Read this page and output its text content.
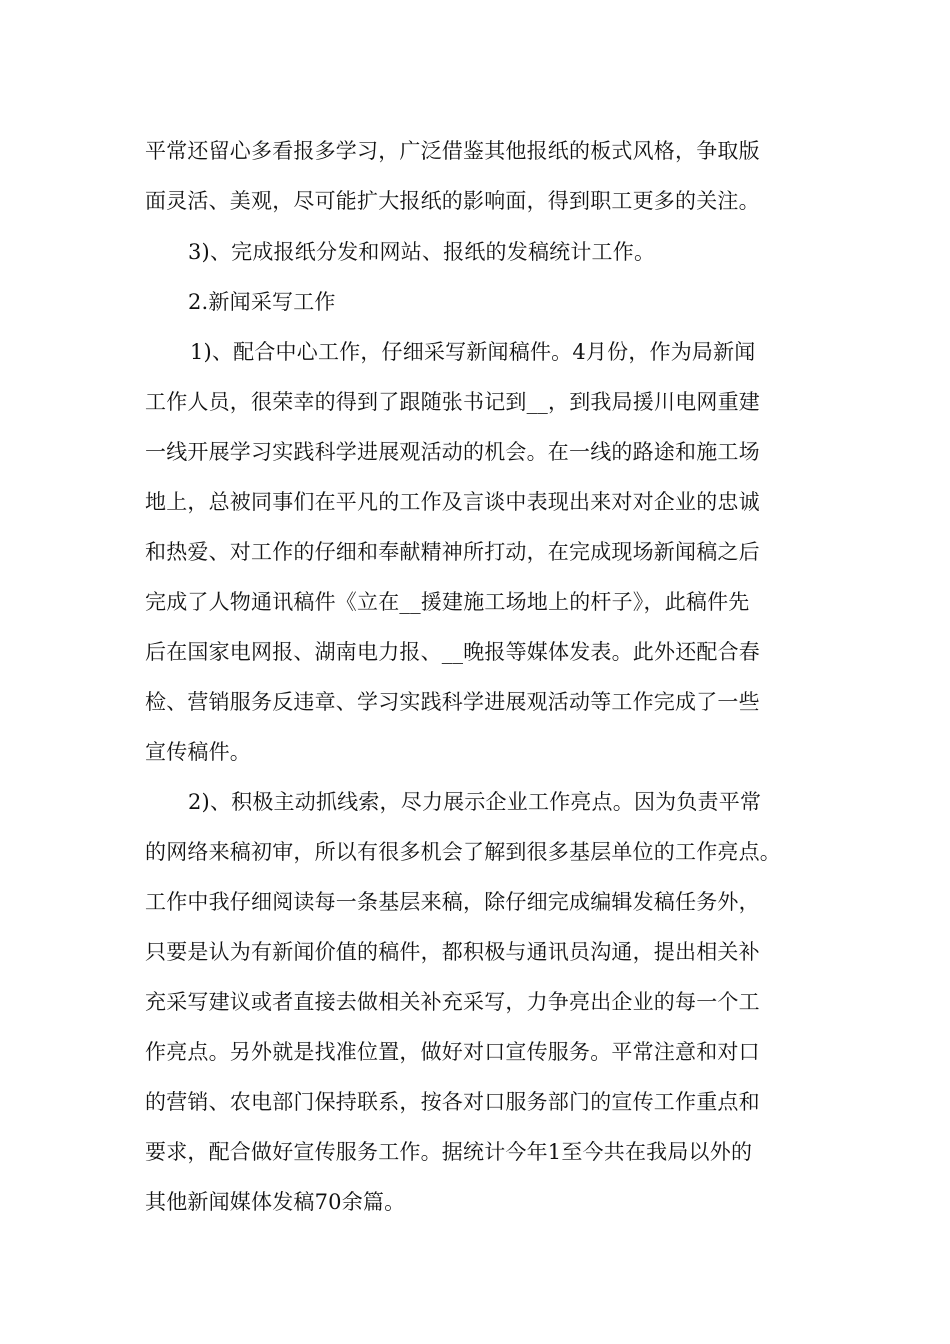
平常还留心多看报多学习，广泛借鉴其他报纸的板式风格，争取版
面灵活、美观，尽可能扩大报纸的影响面，得到职工更多的关注。
3)、完成报纸分发和网站、报纸的发稿统计工作。
2.新闻采写工作
1)、配合中心工作，仔细采写新闻稿件。4月份，作为局新闻
工作人员，很荣幸的得到了跟随张书记到__，到我局援川电网重建
一线开展学习实践科学进展观活动的机会。在一线的路途和施工场
地上，总被同事们在平凡的工作及言谈中表现出来对对企业的忠诚
和热爱、对工作的仔细和奉献精神所打动，在完成现场新闻稿之后
完成了人物通讯稿件《立在__援建施工场地上的杆子》，此稿件先
后在国家电网报、湖南电力报、__晚报等媒体发表。此外还配合春
检、营销服务反违章、学习实践科学进展观活动等工作完成了一些
宣传稿件。
2)、积极主动抓线索，尽力展示企业工作亮点。因为负责平常
的网络来稿初审，所以有很多机会了解到很多基层单位的工作亮点。
工作中我仔细阅读每一条基层来稿，除仔细完成编辑发稿任务外，
只要是认为有新闻价值的稿件，都积极与通讯员沟通，提出相关补
充采写建议或者直接去做相关补充采写，力争亮出企业的每一个工
作亮点。另外就是找准位置，做好对口宣传服务。平常注意和对口
的营销、农电部门保持联系，按各对口服务部门的宣传工作重点和
要求，配合做好宣传服务工作。据统计今年1至今共在我局以外的
其他新闻媒体发稿70余篇。
